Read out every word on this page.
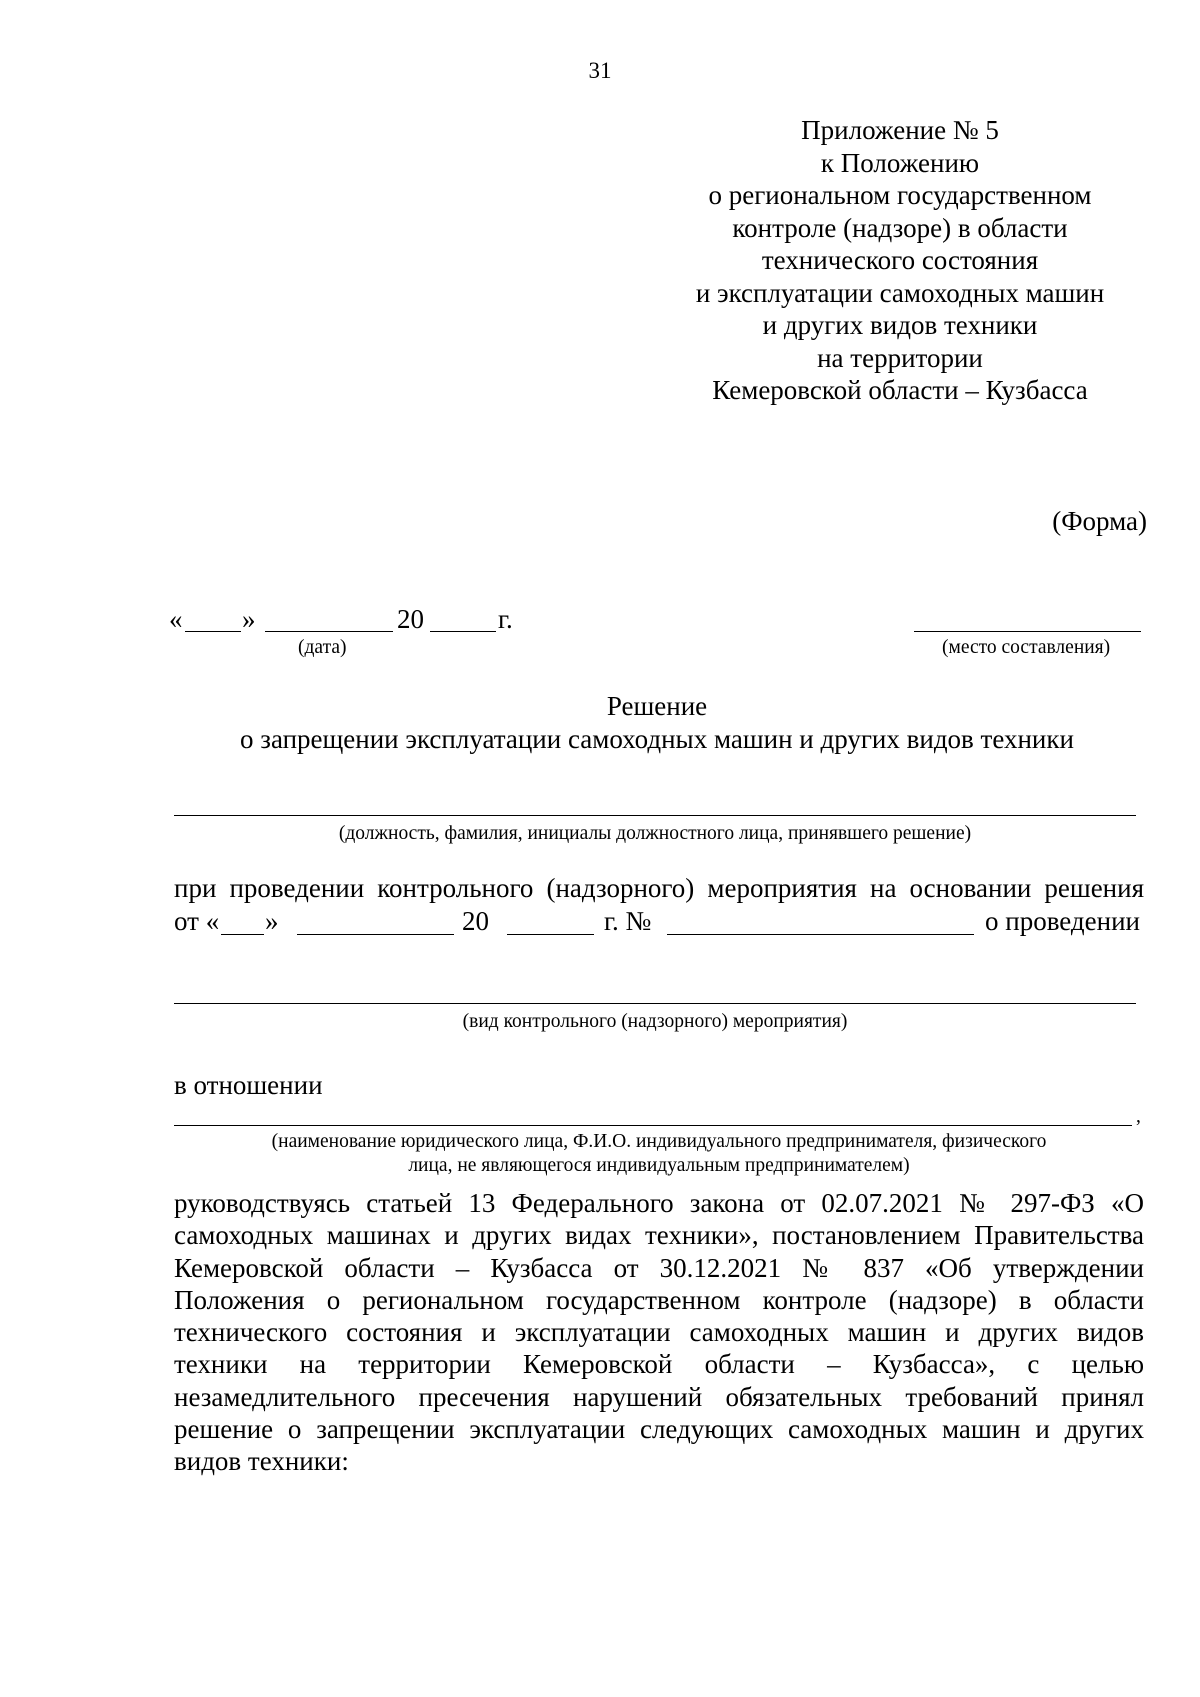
31
Приложение № 5
к Положению
о региональном государственном
контроле (надзоре) в области
технического состояния
и эксплуатации самоходных машин
и других видов техники
на территории
Кемеровской области – Кузбасса
(Форма)
« »	20	г.
(дата)	(место составления)
Решение
о запрещении эксплуатации самоходных машин и других видов техники
(должность, фамилия, инициалы должностного лица, принявшего решение)
при проведении контрольного (надзорного) мероприятия на основании решения
от « »	20	г. №	о проведении
(вид контрольного (надзорного) мероприятия)
в отношении
,
(наименование юридического лица, Ф.И.О. индивидуального предпринимателя, физического
лица, не являющегося индивидуальным предпринимателем)
руководствуясь статьей 13 Федерального закона от 02.07.2021 № 297-ФЗ «О
самоходных машинах и других видах техники», постановлением Правительства
Кемеровской области – Кузбасса от 30.12.2021 № 837 «Об утверждении
Положения о региональном государственном контроле (надзоре) в области
технического состояния и эксплуатации самоходных машин и других видов
техники на территории Кемеровской области – Кузбасса», с целью
незамедлительного пресечения нарушений обязательных требований принял
решение о запрещении эксплуатации следующих самоходных машин и других
видов техники:
